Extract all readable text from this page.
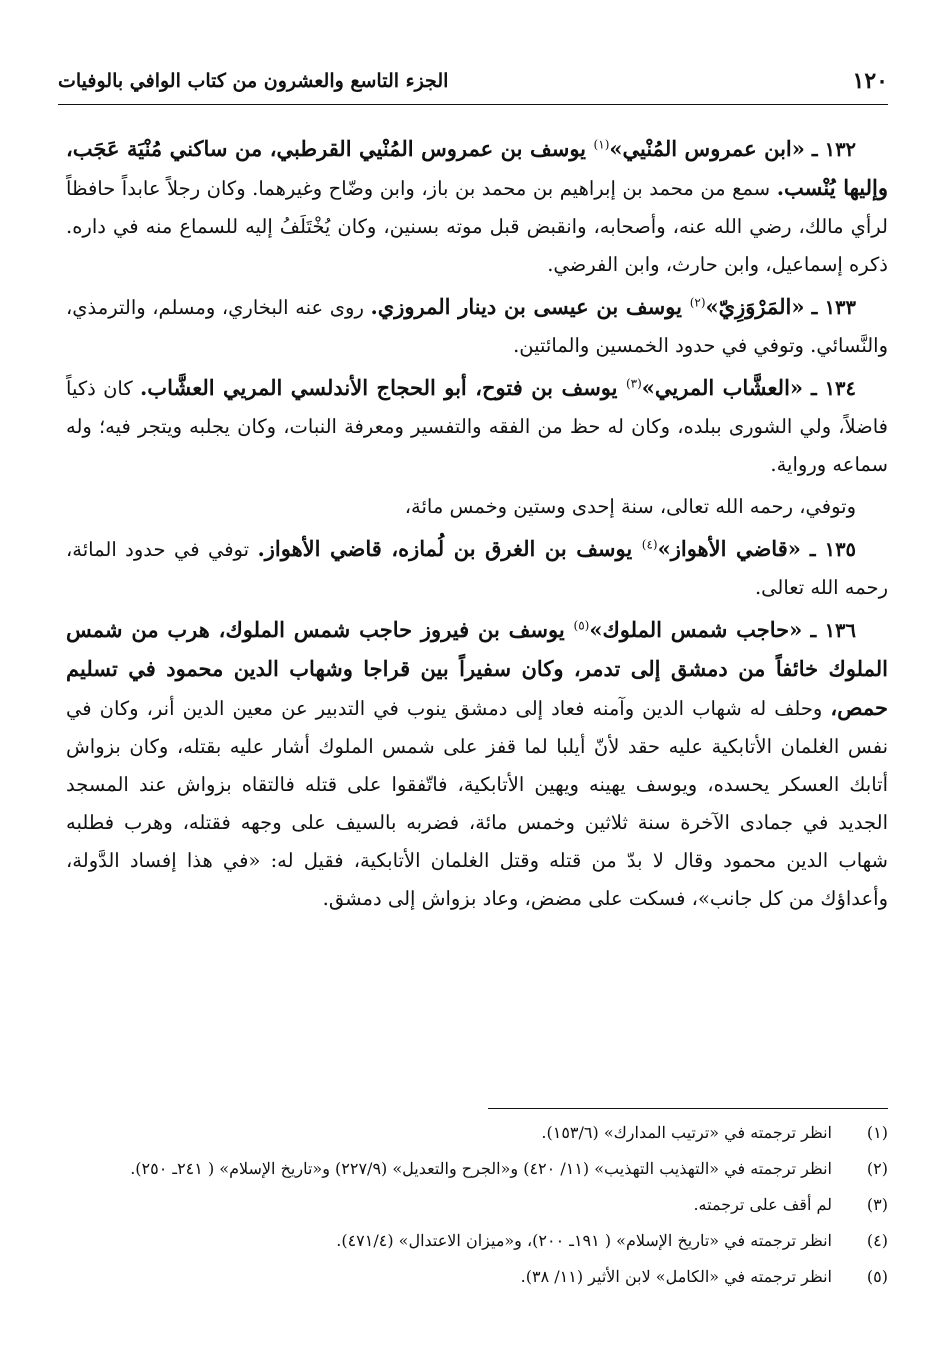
١٢٠
الجزء التاسع والعشرون من كتاب الوافي بالوفيات

١٣٢ ـ «ابن عمروس المُنْيي»$^{(١)}$ يوسف بن عمروس المُنْيي القرطبي، من ساكني مُنْيَة عَجَب، وإليها يُنْسب. سمع من محمد بن إبراهيم بن محمد بن باز، وابن وضّاح وغيرهما. وكان رجلاً عابداً حافظاً لرأي مالك، رضي الله عنه، وأصحابه، وانقبض قبل موته بسنين، وكان يُخْتَلَفُ إليه للسماع منه في داره. ذكره إسماعيل، وابن حارث، وابن الفرضي.

١٣٣ ـ «المَرْوَزِيّ»$^{(٢)}$ يوسف بن عيسى بن دينار المروزي. روى عنه البخاري، ومسلم، والترمذي، والنَّسائي. وتوفي في حدود الخمسين والمائتين.

١٣٤ ـ «العشَّاب المريي»$^{(٣)}$ يوسف بن فتوح، أبو الحجاج الأندلسي المريي العشَّاب. كان ذكياً فاضلاً، ولي الشورى ببلده، وكان له حظ من الفقه والتفسير ومعرفة النبات، وكان يجلبه ويتجر فيه؛ وله سماعه ورواية.

وتوفي، رحمه الله تعالى، سنة إحدى وستين وخمس مائة،

١٣٥ ـ «قاضي الأهواز»$^{(٤)}$ يوسف بن الغرق بن لُمازه، قاضي الأهواز. توفي في حدود المائة، رحمه الله تعالى.

١٣٦ ـ «حاجب شمس الملوك»$^{(٥)}$ يوسف بن فيروز حاجب شمس الملوك، هرب من شمس الملوك خائفاً من دمشق إلى تدمر، وكان سفيراً بين قراجا وشهاب الدين محمود في تسليم حمص، وحلف له شهاب الدين وآمنه فعاد إلى دمشق ينوب في التدبير عن معين الدين أنر، وكان في نفس الغلمان الأتابكية عليه حقد لأنّ أيلبا لما قفز على شمس الملوك أشار عليه بقتله، وكان بزواش أتابك العسكر يحسده، ويوسف يهينه ويهين الأتابكية، فاتّفقوا على قتله فالتقاه بزواش عند المسجد الجديد في جمادى الآخرة سنة ثلاثين وخمس مائة، فضربه بالسيف على وجهه فقتله، وهرب فطلبه شهاب الدين محمود وقال لا بدّ من قتله وقتل الغلمان الأتابكية، فقيل له: «في هذا إفساد الدَّولة، وأعداؤك من كل جانب»، فسكت على مضض، وعاد بزواش إلى دمشق.

(١)
انظر ترجمته في «ترتيب المدارك» (١٥٣/٦).
(٢)
انظر ترجمته في «التهذيب التهذيب» (١١/ ٤٢٠) و«الجرح والتعديل» (٢٢٧/٩) و«تاريخ الإسلام» ( ٢٤١ـ ٢٥٠).
(٣)
لم أقف على ترجمته.
(٤)
انظر ترجمته في «تاريخ الإسلام» ( ١٩١ـ ٢٠٠)، و«ميزان الاعتدال» (٤٧١/٤).
(٥)
انظر ترجمته في «الكامل» لابن الأثير (١١/ ٣٨).
